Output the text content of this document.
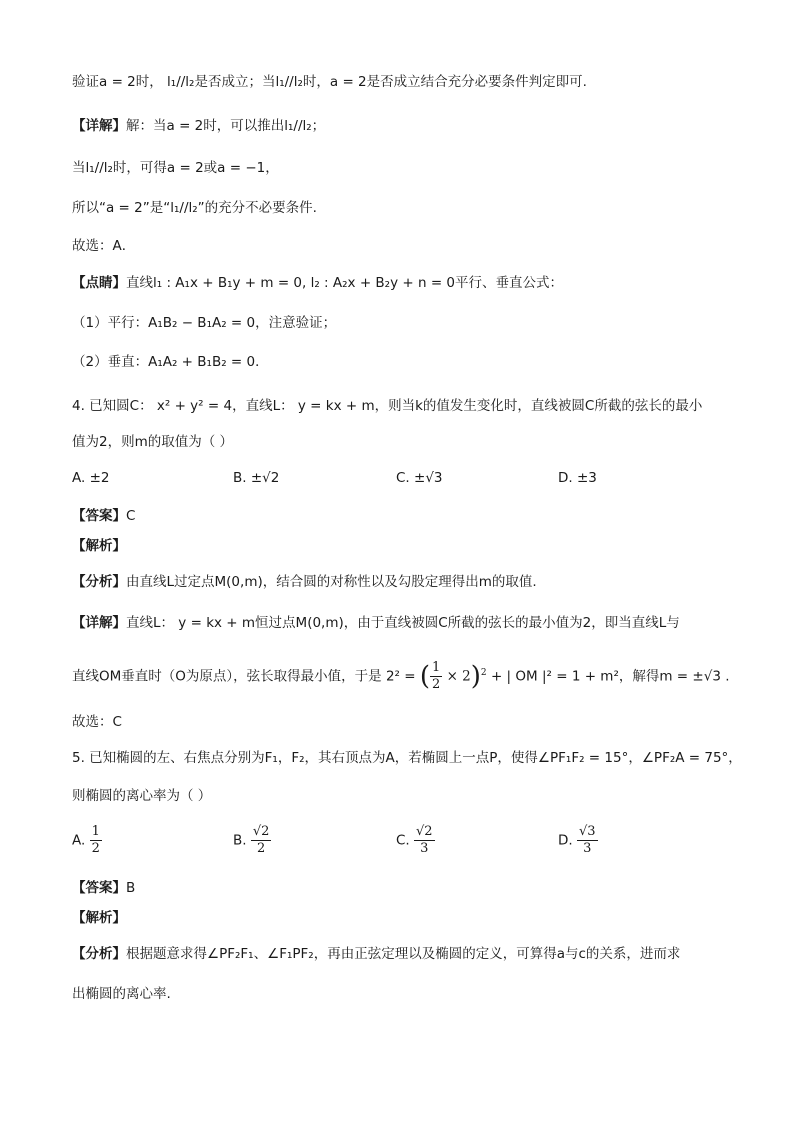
验证a = 2时， l₁//l₂是否成立；当l₁//l₂时，a = 2是否成立结合充分必要条件判定即可.
【详解】解：当a = 2时，可以推出l₁//l₂；
当l₁//l₂时，可得a = 2或a = −1，
所以“a = 2”是“l₁//l₂”的充分不必要条件.
故选：A．
【点睛】直线l₁ : A₁x + B₁y + m = 0, l₂ : A₂x + B₂y + n = 0平行、垂直公式：
（1）平行：A₁B₂ − B₁A₂ = 0，注意验证；
（2）垂直：A₁A₂ + B₁B₂ = 0．
4. 已知圆C： x² + y² = 4，直线L： y = kx + m，则当k的值发生变化时，直线被圆C所截的弦长的最小
值为2，则m的取值为（ ）
A. ±2	B. ±√2	C. ±√3	D. ±3
【答案】C
【解析】
【分析】由直线L过定点M(0,m)，结合圆的对称性以及勾股定理得出m的取值.
【详解】直线L： y = kx + m恒过点M(0,m)，由于直线被圆C所截的弦长的最小值为2，即当直线L与
直线OM垂直时（O为原点），弦长取得最小值，于是 2² = ( $\frac{1}{2} \times 2)^2$ + | OM |² = 1 + m²，解得m = ±√3 .
故选：C
5. 已知椭圆的左、右焦点分别为F₁，F₂，其右顶点为A，若椭圆上一点P，使得∠PF₁F₂ = 15°，∠PF₂A = 75°，
则椭圆的离心率为（ ）
A. $\frac{1}{2}$	B. $\frac{√2}{2}$	C. $\frac{√2}{3}$	D. $\frac{√3}{3}$
【答案】B
【解析】
【分析】根据题意求得∠PF₂F₁、∠F₁PF₂，再由正弦定理以及椭圆的定义，可算得a与c的关系，进而求
出椭圆的离心率.
